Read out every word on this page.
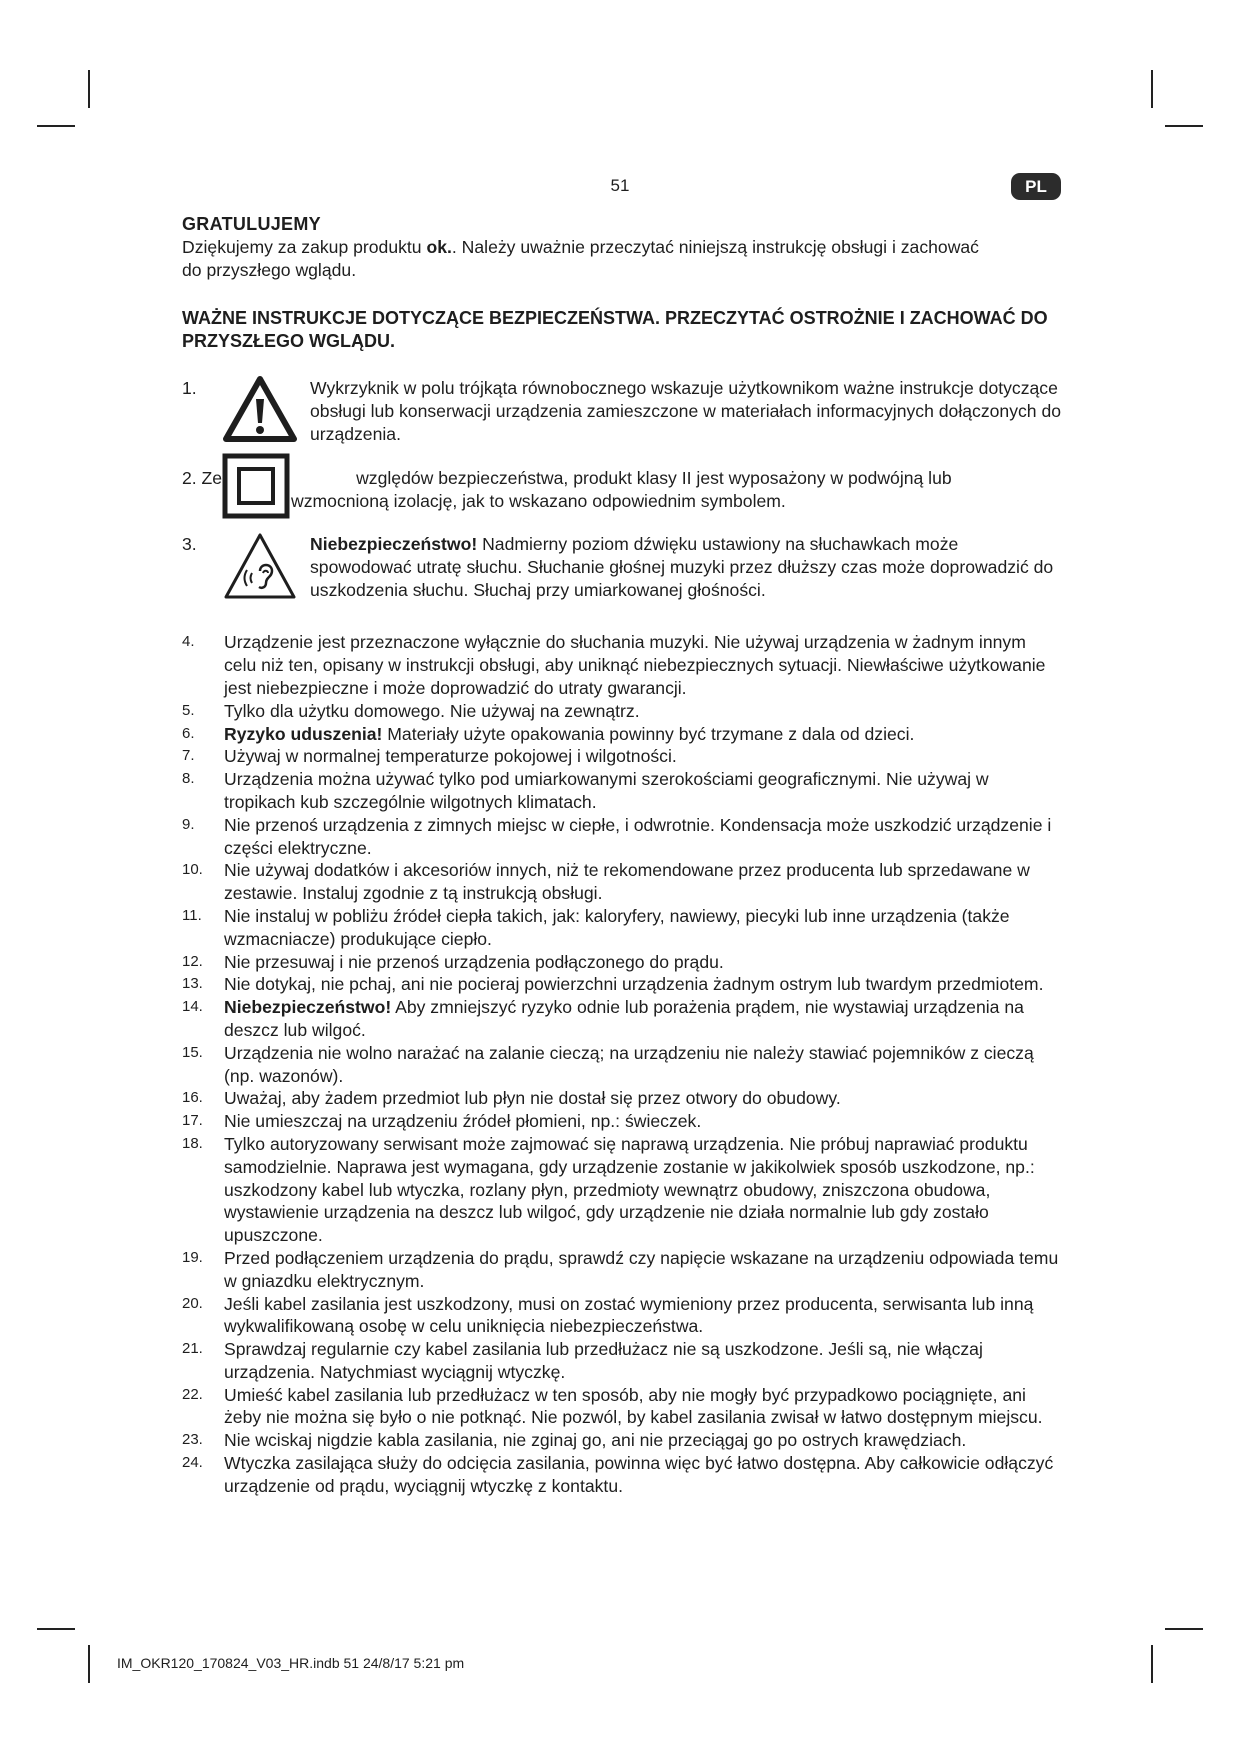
51	PL
GRATULUJEMY

Dziękujemy za zakup produktu ok.. Należy uważnie przeczytać niniejszą instrukcję obsługi i zachować

do przyszłego wglądu.

WAŻNE INSTRUKCJE DOTYCZĄCE BEZPIECZEŃSTWA. PRZECZYTAĆ OSTROŻNIE I ZACHOWAĆ DO PRZYSZŁEGO WGLĄDU.
1.	Wykrzyknik w polu trójkąta równobocznego wskazuje użytkownikom ważne instrukcje dotyczące obsługi lub konserwacji urządzenia zamieszczone w materiałach informacyjnych dołączonych do urządzenia.
2. Ze	względów bezpieczeństwa, produkt klasy II jest wyposażony w podwójną lub
wzmocnioną izolację, jak to wskazano odpowiednim symbolem.
3.	Niebezpieczeństwo! Nadmierny poziom dźwięku ustawiony na słuchawkach może spowodować utratę słuchu. Słuchanie głośnej muzyki przez dłuższy czas może doprowadzić do uszkodzenia słuchu. Słuchaj przy umiarkowanej głośności.
4. Urządzenie jest przeznaczone wyłącznie do słuchania muzyki. Nie używaj urządzenia w żadnym innym celu niż ten, opisany w instrukcji obsługi, aby uniknąć niebezpiecznych sytuacji. Niewłaściwe użytkowanie jest niebezpieczne i może doprowadzić do utraty gwarancji.
5. Tylko dla użytku domowego. Nie używaj na zewnątrz.
6. Ryzyko uduszenia! Materiały użyte opakowania powinny być trzymane z dala od dzieci.
7. Używaj w normalnej temperaturze pokojowej i wilgotności.
8. Urządzenia można używać tylko pod umiarkowanymi szerokościami geograficznymi. Nie używaj w tropikach kub szczególnie wilgotnych klimatach.
9. Nie przenoś urządzenia z zimnych miejsc w ciepłe, i odwrotnie. Kondensacja może uszkodzić urządzenie i części elektryczne.
10. Nie używaj dodatków i akcesoriów innych, niż te rekomendowane przez producenta lub sprzedawane w zestawie. Instaluj zgodnie z tą instrukcją obsługi.
11. Nie instaluj w pobliżu źródeł ciepła takich, jak: kaloryfery, nawiewy, piecyki lub inne urządzenia (także wzmacniacze) produkujące ciepło.
12. Nie przesuwaj i nie przenoś urządzenia podłączonego do prądu.
13. Nie dotykaj, nie pchaj, ani nie pocieraj powierzchni urządzenia żadnym ostrym lub twardym przedmiotem.
14. Niebezpieczeństwo! Aby zmniejszyć ryzyko odnie lub porażenia prądem, nie wystawiaj urządzenia na deszcz lub wilgoć.
15. Urządzenia nie wolno narażać na zalanie cieczą; na urządzeniu nie należy stawiać pojemników z cieczą (np. wazonów).
16. Uważaj, aby żadem przedmiot lub płyn nie dostał się przez otwory do obudowy.
17. Nie umieszczaj na urządzeniu źródeł płomieni, np.: świeczek.
18. Tylko autoryzowany serwisant może zajmować się naprawą urządzenia. Nie próbuj naprawiać produktu samodzielnie. Naprawa jest wymagana, gdy urządzenie zostanie w jakikolwiek sposób uszkodzone, np.: uszkodzony kabel lub wtyczka, rozlany płyn, przedmioty wewnątrz obudowy, zniszczona obudowa, wystawienie urządzenia na deszcz lub wilgoć, gdy urządzenie nie działa normalnie lub gdy zostało upuszczone.
19. Przed podłączeniem urządzenia do prądu, sprawdź czy napięcie wskazane na urządzeniu odpowiada temu w gniazdku elektrycznym.
20. Jeśli kabel zasilania jest uszkodzony, musi on zostać wymieniony przez producenta, serwisanta lub inną wykwalifikowaną osobę w celu uniknięcia niebezpieczeństwa.
21. Sprawdzaj regularnie czy kabel zasilania lub przedłużacz nie są uszkodzone. Jeśli są, nie włączaj urządzenia. Natychmiast wyciągnij wtyczkę.
22. Umieść kabel zasilania lub przedłużacz w ten sposób, aby nie mogły być przypadkowo pociągnięte, ani żeby nie można się było o nie potknąć. Nie pozwól, by kabel zasilania zwisał w łatwo dostępnym miejscu.
23. Nie wciskaj nigdzie kabla zasilania, nie zginaj go, ani nie przeciągaj go po ostrych krawędziach.
24. Wtyczka zasilająca służy do odcięcia zasilania, powinna więc być łatwo dostępna. Aby całkowicie odłączyć urządzenie od prądu, wyciągnij wtyczkę z kontaktu.
IM_OKR120_170824_V03_HR.indb 51 24/8/17 5:21 pm
